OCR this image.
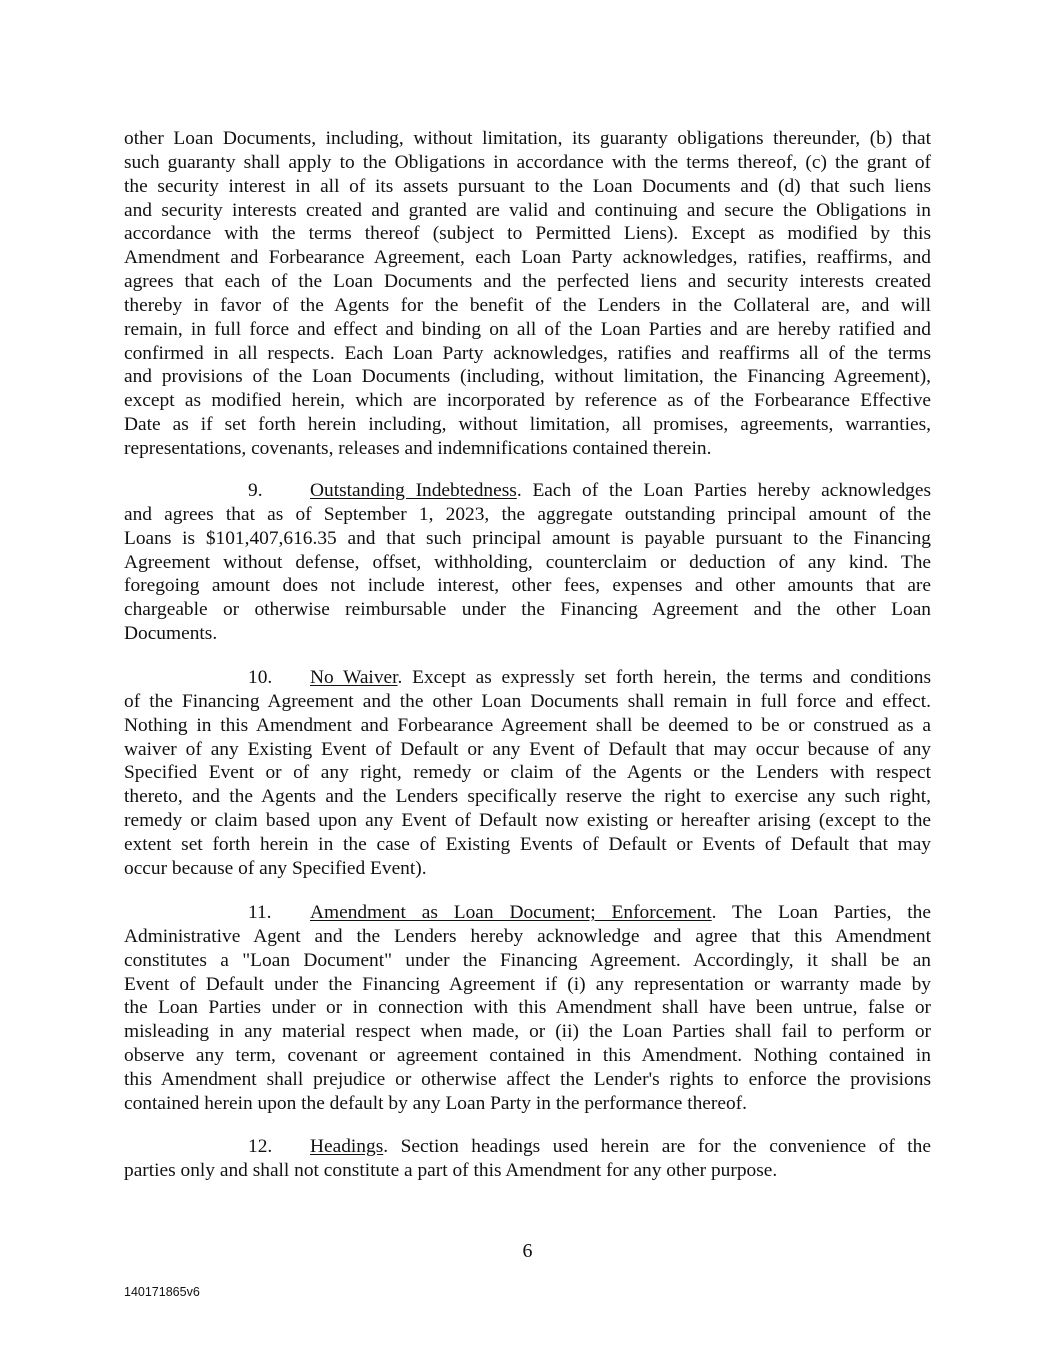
other Loan Documents, including, without limitation, its guaranty obligations thereunder, (b) that
such guaranty shall apply to the Obligations in accordance with the terms thereof, (c) the grant of
the security interest in all of its assets pursuant to the Loan Documents and (d) that such liens
and security interests created and granted are valid and continuing and secure the Obligations in
accordance with the terms thereof (subject to Permitted Liens). Except as modified by this
Amendment and Forbearance Agreement, each Loan Party acknowledges, ratifies, reaffirms, and
agrees that each of the Loan Documents and the perfected liens and security interests created
thereby in favor of the Agents for the benefit of the Lenders in the Collateral are, and will
remain, in full force and effect and binding on all of the Loan Parties and are hereby ratified and
confirmed in all respects. Each Loan Party acknowledges, ratifies and reaffirms all of the terms
and provisions of the Loan Documents (including, without limitation, the Financing Agreement),
except as modified herein, which are incorporated by reference as of the Forbearance Effective
Date as if set forth herein including, without limitation, all promises, agreements, warranties,
representations, covenants, releases and indemnifications contained therein.
9.	Outstanding Indebtedness. Each of the Loan Parties hereby acknowledges
and agrees that as of September 1, 2023, the aggregate outstanding principal amount of the
Loans is $101,407,616.35 and that such principal amount is payable pursuant to the Financing
Agreement without defense, offset, withholding, counterclaim or deduction of any kind. The
foregoing amount does not include interest, other fees, expenses and other amounts that are
chargeable or otherwise reimbursable under the Financing Agreement and the other Loan
Documents.
10.	No Waiver. Except as expressly set forth herein, the terms and conditions
of the Financing Agreement and the other Loan Documents shall remain in full force and effect.
Nothing in this Amendment and Forbearance Agreement shall be deemed to be or construed as a
waiver of any Existing Event of Default or any Event of Default that may occur because of any
Specified Event or of any right, remedy or claim of the Agents or the Lenders with respect
thereto, and the Agents and the Lenders specifically reserve the right to exercise any such right,
remedy or claim based upon any Event of Default now existing or hereafter arising (except to the
extent set forth herein in the case of Existing Events of Default or Events of Default that may
occur because of any Specified Event).
11.	Amendment as Loan Document; Enforcement. The Loan Parties, the
Administrative Agent and the Lenders hereby acknowledge and agree that this Amendment
constitutes a "Loan Document" under the Financing Agreement. Accordingly, it shall be an
Event of Default under the Financing Agreement if (i) any representation or warranty made by
the Loan Parties under or in connection with this Amendment shall have been untrue, false or
misleading in any material respect when made, or (ii) the Loan Parties shall fail to perform or
observe any term, covenant or agreement contained in this Amendment. Nothing contained in
this Amendment shall prejudice or otherwise affect the Lender's rights to enforce the provisions
contained herein upon the default by any Loan Party in the performance thereof.
12.	Headings. Section headings used herein are for the convenience of the
parties only and shall not constitute a part of this Amendment for any other purpose.
6
140171865v6
